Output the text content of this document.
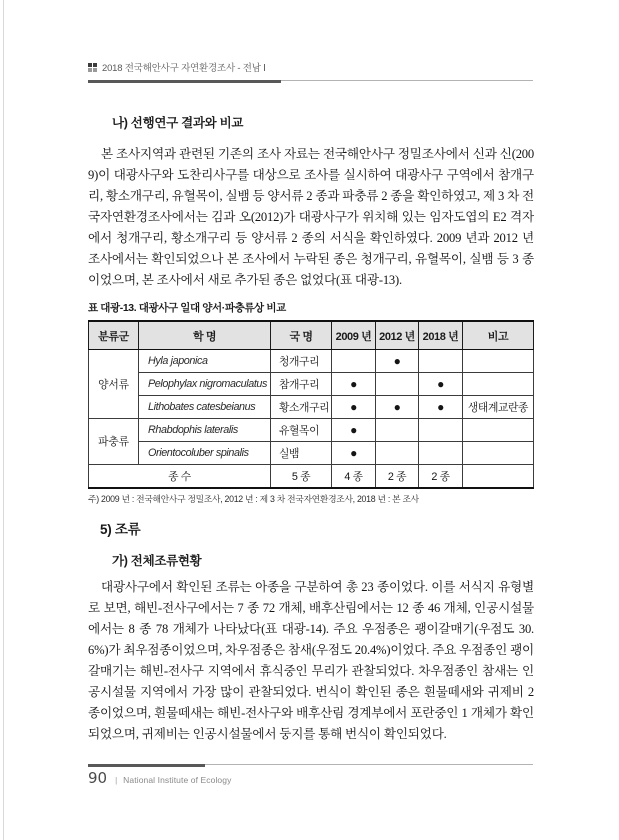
2018 전국해안사구 자연환경조사 - 전남 Ⅰ
나) 선행연구 결과와 비교
본 조사지역과 관련된 기존의 조사 자료는 전국해안사구 정밀조사에서 신과 신(2009)이 대광사구와 도찬리사구를 대상으로 조사를 실시하여 대광사구 구역에서 참개구리, 황소개구리, 유혈목이, 실뱀 등 양서류 2 종과 파충류 2 종을 확인하였고, 제 3 차 전국자연환경조사에서는 김과 오(2012)가 대광사구가 위치해 있는 임자도엽의 E2 격자에서 청개구리, 황소개구리 등 양서류 2 종의 서식을 확인하였다. 2009 년과 2012 년 조사에서는 확인되었으나 본 조사에서 누락된 종은 청개구리, 유혈목이, 실뱀 등 3 종이었으며, 본 조사에서 새로 추가된 종은 없었다(표 대광-13).
표 대광-13. 대광사구 일대 양서·파충류상 비교
분류군	학 명	국 명	2009 년	2012 년	2018 년	비고
양서류	Hyla japonica	청개구리		●		
	Pelophylax nigromaculatus	참개구리	●		●	
	Lithobates catesbeianus	황소개구리	●	●	●	생태계교란종
파충류	Rhabdophis lateralis	유혈목이	●			
	Orientocoluber spinalis	실뱀	●			
종 수		5 종	4 종	2 종	2 종	
주) 2009 년 : 전국해안사구 정밀조사, 2012 년 : 제 3 차 전국자연환경조사, 2018 년 : 본 조사
5) 조류
가) 전체조류현황
대광사구에서 확인된 조류는 아종을 구분하여 총 23 종이었다. 이를 서식지 유형별로 보면, 해빈-전사구에서는 7 종 72 개체, 배후산림에서는 12 종 46 개체, 인공시설물에서는 8 종 78 개체가 나타났다(표 대광-14). 주요 우점종은 괭이갈매기(우점도 30.6%)가 최우점종이었으며, 차우점종은 참새(우점도 20.4%)이었다. 주요 우점종인 괭이갈매기는 해빈-전사구 지역에서 휴식중인 무리가 관찰되었다. 차우점종인 참새는 인공시설물 지역에서 가장 많이 관찰되었다. 번식이 확인된 종은 흰물떼새와 귀제비 2 종이었으며, 흰물떼새는 해빈-전사구와 배후산림 경계부에서 포란중인 1 개체가 확인되었으며, 귀제비는 인공시설물에서 둥지를 통해 번식이 확인되었다.
90 | National Institute of Ecology
